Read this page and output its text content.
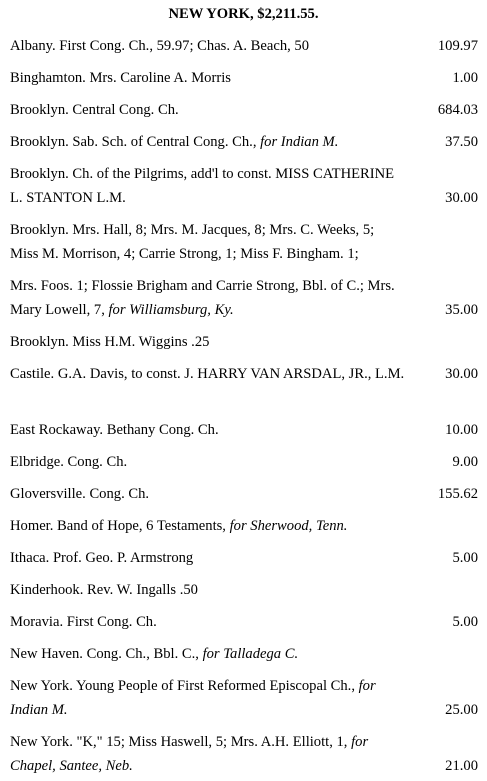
NEW YORK, $2,211.55.
Albany. First Cong. Ch., 59.97; Chas. A. Beach, 50	109.97
Binghamton. Mrs. Caroline A. Morris	1.00
Brooklyn. Central Cong. Ch.	684.03
Brooklyn. Sab. Sch. of Central Cong. Ch., for Indian M.	37.50
Brooklyn. Ch. of the Pilgrims, add'l to const. MISS CATHERINE L. STANTON L.M.	30.00
Brooklyn. Mrs. Hall, 8; Mrs. M. Jacques, 8; Mrs. C. Weeks, 5; Miss M. Morrison, 4; Carrie Strong, 1; Miss F. Bingham. 1;
Mrs. Foos. 1; Flossie Brigham and Carrie Strong, Bbl. of C.; Mrs. Mary Lowell, 7, for Williamsburg, Ky.	35.00
Brooklyn. Miss H.M. Wiggins .25
Castile. G.A. Davis, to const. J. HARRY VAN ARSDAL, JR., L.M.	30.00
East Rockaway. Bethany Cong. Ch.	10.00
Elbridge. Cong. Ch.	9.00
Gloversville. Cong. Ch.	155.62
Homer. Band of Hope, 6 Testaments, for Sherwood, Tenn.
Ithaca. Prof. Geo. P. Armstrong	5.00
Kinderhook. Rev. W. Ingalls .50
Moravia. First Cong. Ch.	5.00
New Haven. Cong. Ch., Bbl. C., for Talladega C.
New York. Young People of First Reformed Episcopal Ch., for Indian M.	25.00
New York. "K," 15; Miss Haswell, 5; Mrs. A.H. Elliott, 1, for Chapel, Santee, Neb.	21.00
